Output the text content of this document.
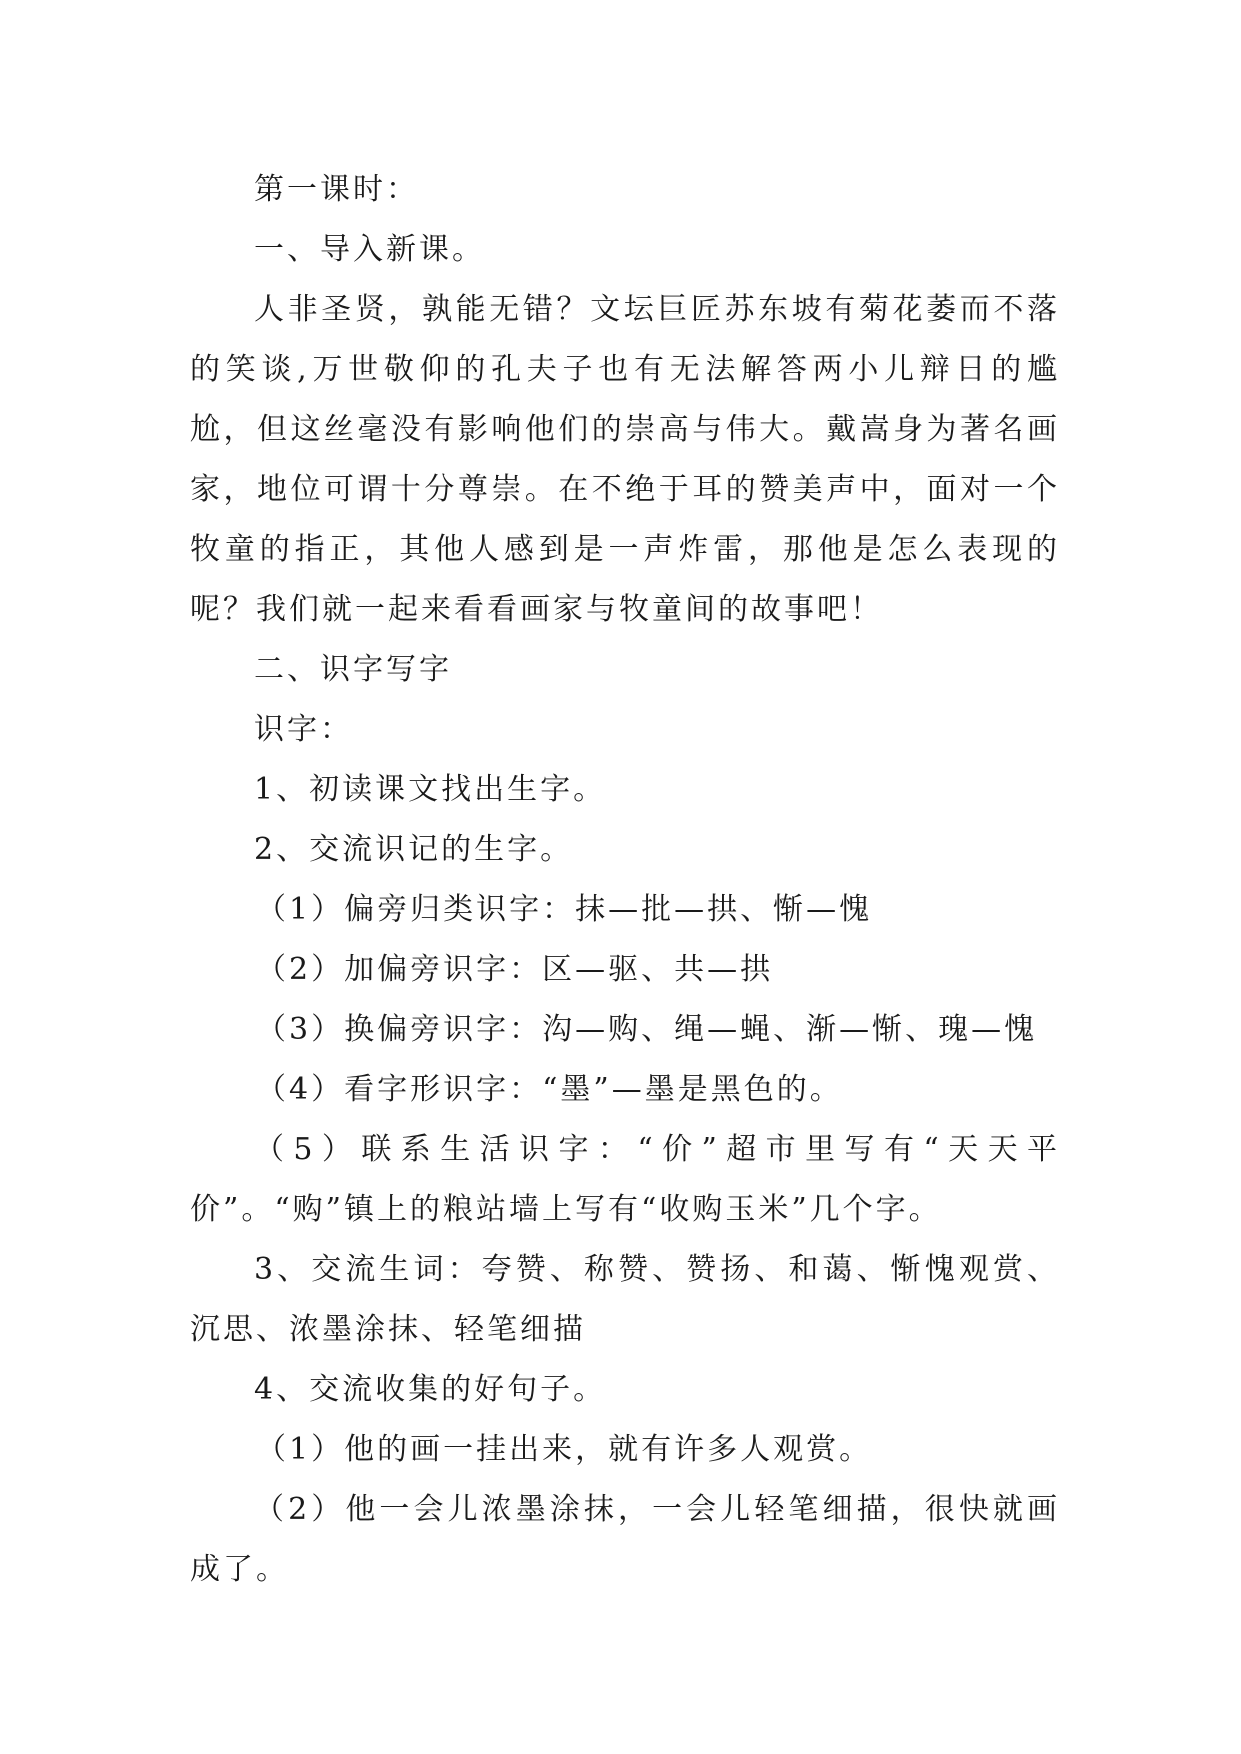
第一课时：
一、导入新课。

人非圣贤，孰能无错？文坛巨匠苏东坡有菊花萎而不落的笑谈,万世敬仰的孔夫子也有无法解答两小儿辩日的尴尬，但这丝毫没有影响他们的崇高与伟大。戴嵩身为著名画家，地位可谓十分尊崇。在不绝于耳的赞美声中，面对一个牧童的指正，其他人感到是一声炸雷，那他是怎么表现的呢？我们就一起来看看画家与牧童间的故事吧！

二、识字写字
识字：
1、初读课文找出生字。
2、交流识记的生字。
（1）偏旁归类识字：抹—批—拱、惭—愧
（2）加偏旁识字：区—驱、共—拱
（3）换偏旁识字：沟—购、绳—蝇、渐—惭、瑰—愧
（4）看字形识字：“墨”—墨是黑色的。

（5）联系生活识字：“价”超市里写有“天天平价”。“购”镇上的粮站墙上写有“收购玉米”几个字。

3、交流生词：夸赞、称赞、赞扬、和蔼、惭愧观赏、沉思、浓墨涂抹、轻笔细描

4、交流收集的好句子。
（1）他的画一挂出来，就有许多人观赏。

（2）他一会儿浓墨涂抹，一会儿轻笔细描，很快就画成了。
